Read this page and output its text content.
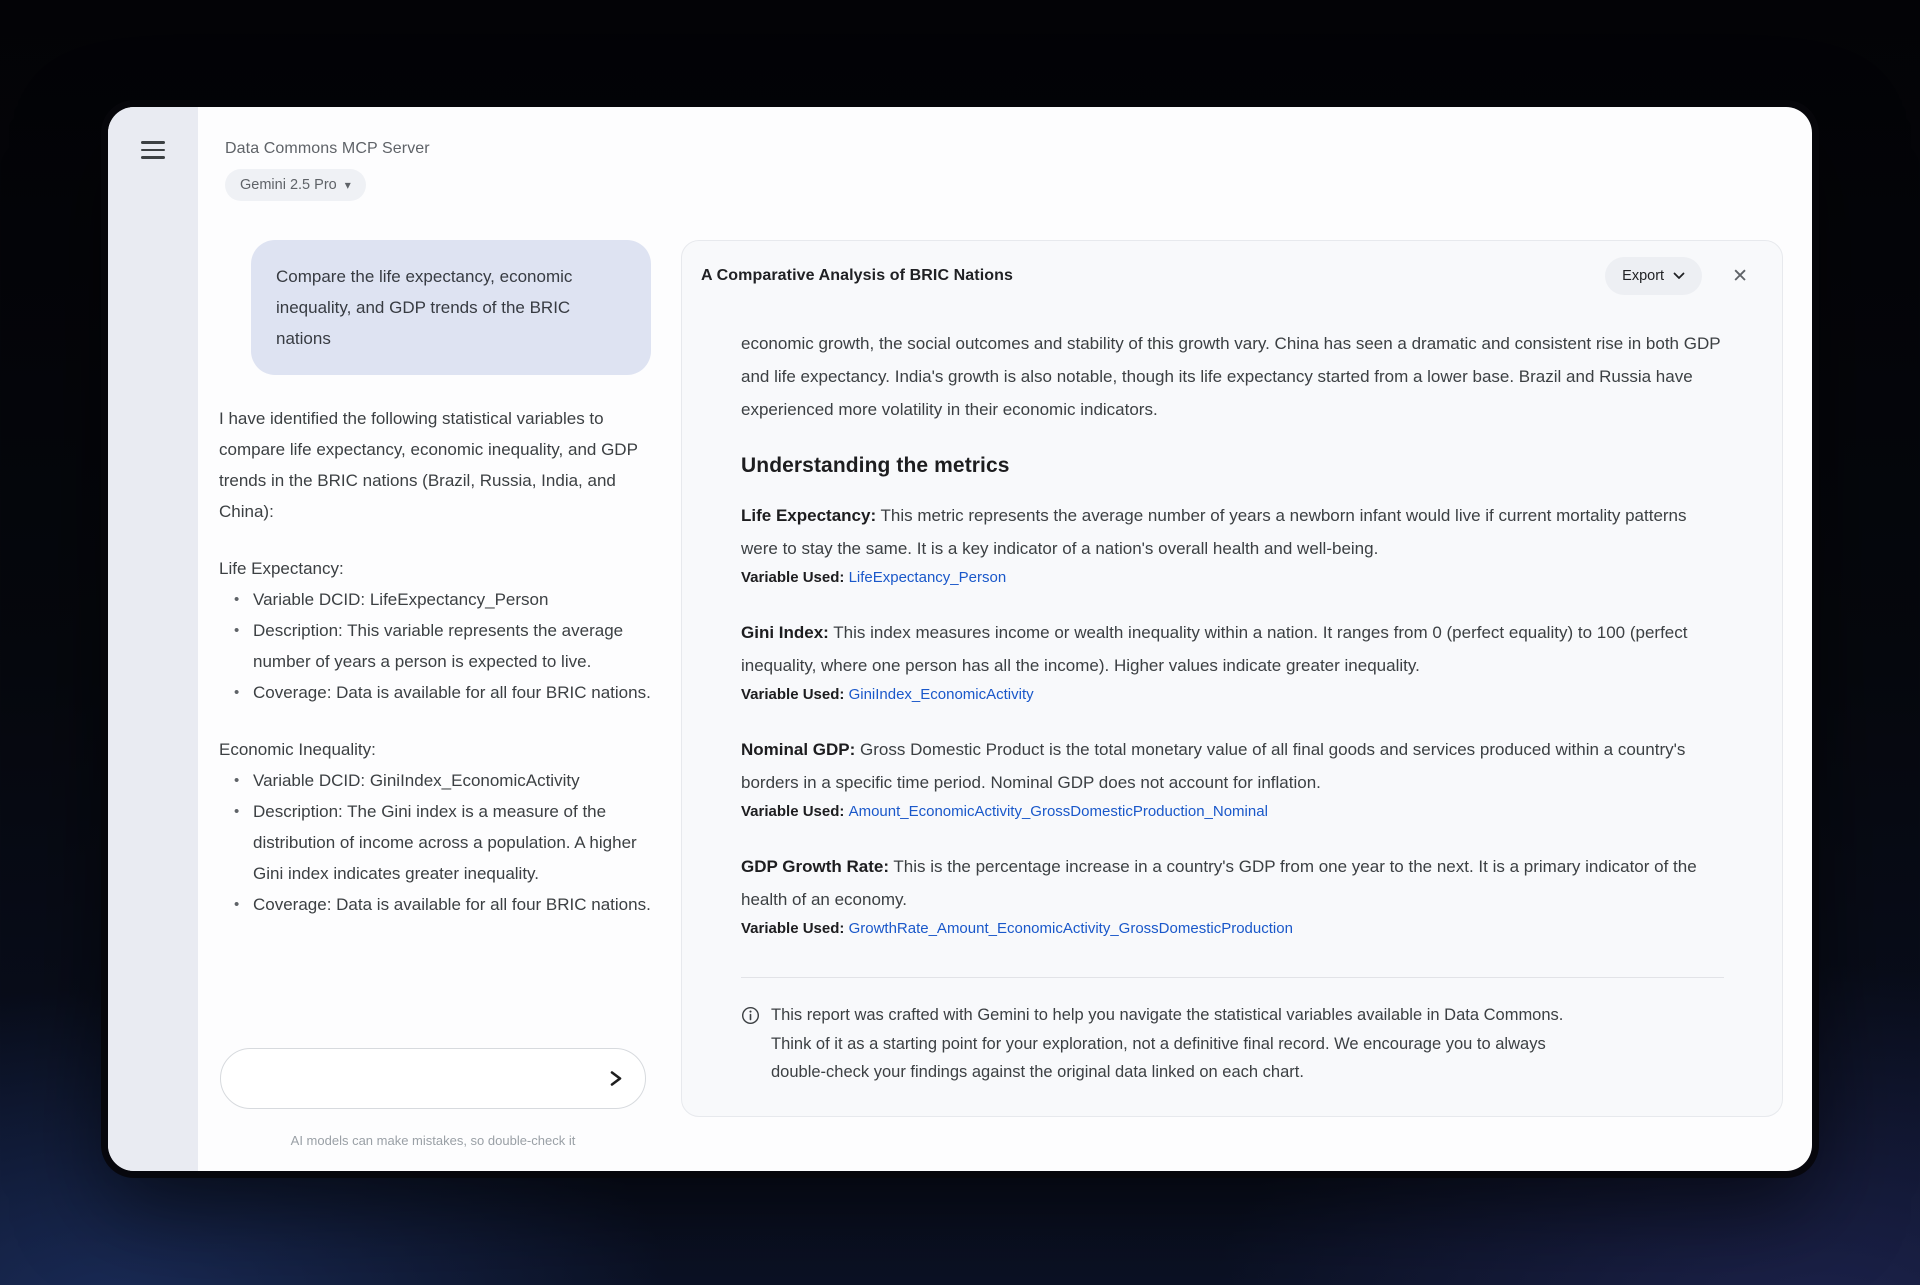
Data Commons MCP Server
Gemini 2.5 Pro ▾
Compare the life expectancy, economic inequality, and GDP trends of the BRIC nations

I have identified the following statistical variables to compare life expectancy, economic inequality, and GDP trends in the BRIC nations (Brazil, Russia, India, and China):

Life Expectancy:

• Variable DCID: LifeExpectancy_Person
• Description: This variable represents the average number of years a person is expected to live.
• Coverage: Data is available for all four BRIC nations.

Economic Inequality:

• Variable DCID: GiniIndex_EconomicActivity
• Description: The Gini index is a measure of the distribution of income across a population. A higher Gini index indicates greater inequality.
• Coverage: Data is available for all four BRIC nations.
AI models can make mistakes, so double-check it
A Comparative Analysis of BRIC Nations	Export	✕

economic growth, the social outcomes and stability of this growth vary. China has seen a dramatic and consistent rise in both GDP and life expectancy. India's growth is also notable, though its life expectancy started from a lower base. Brazil and Russia have experienced more volatility in their economic indicators.

Understanding the metrics

Life Expectancy: This metric represents the average number of years a newborn infant would live if current mortality patterns were to stay the same. It is a key indicator of a nation's overall health and well-being.

Variable Used: LifeExpectancy_Person

Gini Index: This index measures income or wealth inequality within a nation. It ranges from 0 (perfect equality) to 100 (perfect inequality, where one person has all the income). Higher values indicate greater inequality.

Variable Used: GiniIndex_EconomicActivity

Nominal GDP: Gross Domestic Product is the total monetary value of all final goods and services produced within a country's borders in a specific time period. Nominal GDP does not account for inflation.

Variable Used: Amount_EconomicActivity_GrossDomesticProduction_Nominal

GDP Growth Rate: This is the percentage increase in a country's GDP from one year to the next. It is a primary indicator of the health of an economy.

Variable Used: GrowthRate_Amount_EconomicActivity_GrossDomesticProduction

This report was crafted with Gemini to help you navigate the statistical variables available in Data Commons. Think of it as a starting point for your exploration, not a definitive final record. We encourage you to always double-check your findings against the original data linked on each chart.
